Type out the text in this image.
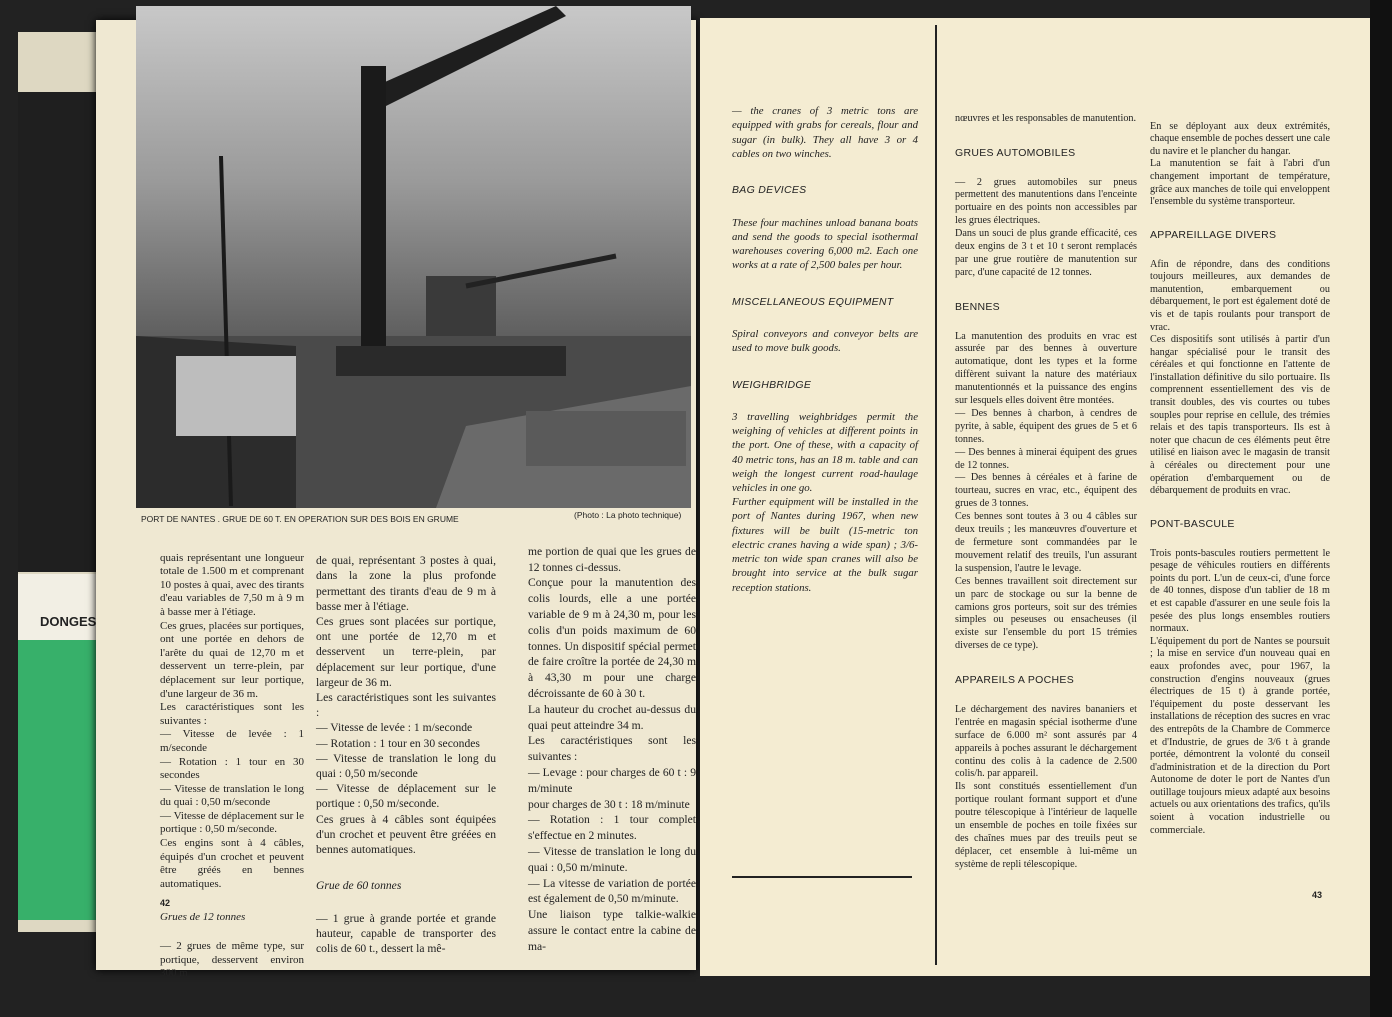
DONGES
PORT DE NANTES . GRUE DE 60 T. EN OPERATION SUR DES BOIS EN GRUME	(Photo : La photo technique)

quais représentant une longueur totale de 1.500 m et comprenant 10 postes à quai, avec des tirants d'eau variables de 7,50 m à 9 m à basse mer à l'étiage.
Ces grues, placées sur portiques, ont une portée en dehors de l'arête du quai de 12,70 m et desservent un terre-plein, par déplacement sur leur portique, d'une largeur de 36 m.
Les caractéristiques sont les suivantes :
— Vitesse de levée : 1 m/seconde
— Rotation : 1 tour en 30 secondes
— Vitesse de translation le long du quai : 0,50 m/seconde
— Vitesse de déplacement sur le portique : 0,50 m/seconde.
Ces engins sont à 4 câbles, équipés d'un crochet et peuvent être gréés en bennes automatiques.

Grues de 12 tonnes

— 2 grues de même type, sur portique, desservent environ 300 m

42

de quai, représentant 3 postes à quai, dans la zone la plus profonde permettant des tirants d'eau de 9 m à basse mer à l'étiage.
Ces grues sont placées sur portique, ont une portée de 12,70 m et desservent un terre-plein, par déplacement sur leur portique, d'une largeur de 36 m.
Les caractéristiques sont les suivantes :
— Vitesse de levée : 1 m/seconde
— Rotation : 1 tour en 30 secondes
— Vitesse de translation le long du quai : 0,50 m/seconde
— Vitesse de déplacement sur le portique : 0,50 m/seconde.
Ces grues à 4 câbles sont équipées d'un crochet et peuvent être gréées en bennes automatiques.

Grue de 60 tonnes

— 1 grue à grande portée et grande hauteur, capable de transporter des colis de 60 t., dessert la mê-

me portion de quai que les grues de 12 tonnes ci-dessus.
Conçue pour la manutention des colis lourds, elle a une portée variable de 9 m à 24,30 m, pour les colis d'un poids maximum de 60 tonnes. Un dispositif spécial permet de faire croître la portée de 24,30 m à 43,30 m pour une charge décroissante de 60 à 30 t.
La hauteur du crochet au-dessus du quai peut atteindre 34 m.
Les caractéristiques sont les suivantes :
— Levage : pour charges de 60 t : 9 m/minute
pour charges de 30 t : 18 m/minute
— Rotation : 1 tour complet s'effectue en 2 minutes.
— Vitesse de translation le long du quai : 0,50 m/minute.
— La vitesse de variation de portée est également de 0,50 m/minute.
Une liaison type talkie-walkie assure le contact entre la cabine de ma-

— the cranes of 3 metric tons are equipped with grabs for cereals, flour and sugar (in bulk). They all have 3 or 4 cables on two winches.

BAG DEVICES

These four machines unload banana boats and send the goods to special isothermal warehouses covering 6,000 m2. Each one works at a rate of 2,500 bales per hour.

MISCELLANEOUS EQUIPMENT

Spiral conveyors and conveyor belts are used to move bulk goods.

WEIGHBRIDGE

3 travelling weighbridges permit the weighing of vehicles at different points in the port. One of these, with a capacity of 40 metric tons, has an 18 m. table and can weigh the longest current road-haulage vehicles in one go.
Further equipment will be installed in the port of Nantes during 1967, when new fixtures will be built (15-metric ton electric cranes having a wide span) ; 3/6-metric ton wide span cranes will also be brought into service at the bulk sugar reception stations.

nœuvres et les responsables de manutention.

GRUES AUTOMOBILES

— 2 grues automobiles sur pneus permettent des manutentions dans l'enceinte portuaire en des points non accessibles par les grues électriques.
Dans un souci de plus grande efficacité, ces deux engins de 3 t et 10 t seront remplacés par une grue routière de manutention sur parc, d'une capacité de 12 tonnes.

BENNES

La manutention des produits en vrac est assurée par des bennes à ouverture automatique, dont les types et la forme diffèrent suivant la nature des matériaux manutentionnés et la puissance des engins sur lesquels elles doivent être montées.
— Des bennes à charbon, à cendres de pyrite, à sable, équipent des grues de 5 et 6 tonnes.
— Des bennes à minerai équipent des grues de 12 tonnes.
— Des bennes à céréales et à farine de tourteau, sucres en vrac, etc., équipent des grues de 3 tonnes.
Ces bennes sont toutes à 3 ou 4 câbles sur deux treuils ; les manœuvres d'ouverture et de fermeture sont commandées par le mouvement relatif des treuils, l'un assurant la suspension, l'autre le levage.
Ces bennes travaillent soit directement sur un parc de stockage ou sur la benne de camions gros porteurs, soit sur des trémies simples ou peseuses ou ensacheuses (il existe sur l'ensemble du port 15 trémies diverses de ce type).

APPAREILS A POCHES

Le déchargement des navires bananiers et l'entrée en magasin spécial isotherme d'une surface de 6.000 m² sont assurés par 4 appareils à poches assurant le déchargement continu des colis à la cadence de 2.500 colis/h. par appareil.
Ils sont constitués essentiellement d'un portique roulant formant support et d'une poutre télescopique à l'intérieur de laquelle un ensemble de poches en toile fixées sur des chaînes mues par des treuils peut se déplacer, cet ensemble à lui-même un système de repli télescopique.

En se déployant aux deux extrémités, chaque ensemble de poches dessert une cale du navire et le plancher du hangar.
La manutention se fait à l'abri d'un changement important de température, grâce aux manches de toile qui enveloppent l'ensemble du système transporteur.

APPAREILLAGE DIVERS

Afin de répondre, dans des conditions toujours meilleures, aux demandes de manutention, embarquement ou débarquement, le port est également doté de vis et de tapis roulants pour transport de vrac.
Ces dispositifs sont utilisés à partir d'un hangar spécialisé pour le transit des céréales et qui fonctionne en l'attente de l'installation définitive du silo portuaire. Ils comprennent essentiellement des vis de transit doubles, des vis courtes ou tubes souples pour reprise en cellule, des trémies relais et des tapis transporteurs. Ils est à noter que chacun de ces éléments peut être utilisé en liaison avec le magasin de transit à céréales ou directement pour une opération d'embarquement ou de débarquement de produits en vrac.

PONT-BASCULE

Trois ponts-bascules routiers permettent le pesage de véhicules routiers en différents points du port. L'un de ceux-ci, d'une force de 40 tonnes, dispose d'un tablier de 18 m et est capable d'assurer en une seule fois la pesée des plus longs ensembles routiers normaux.
L'équipement du port de Nantes se poursuit ; la mise en service d'un nouveau quai en eaux profondes avec, pour 1967, la construction d'engins nouveaux (grues électriques de 15 t) à grande portée, l'équipement du poste desservant les installations de réception des sucres en vrac des entrepôts de la Chambre de Commerce et d'Industrie, de grues de 3/6 t à grande portée, démontrent la volonté du conseil d'administration et de la direction du Port Autonome de doter le port de Nantes d'un outillage toujours mieux adapté aux besoins actuels ou aux orientations des trafics, qu'ils soient à vocation industrielle ou commerciale.

43
